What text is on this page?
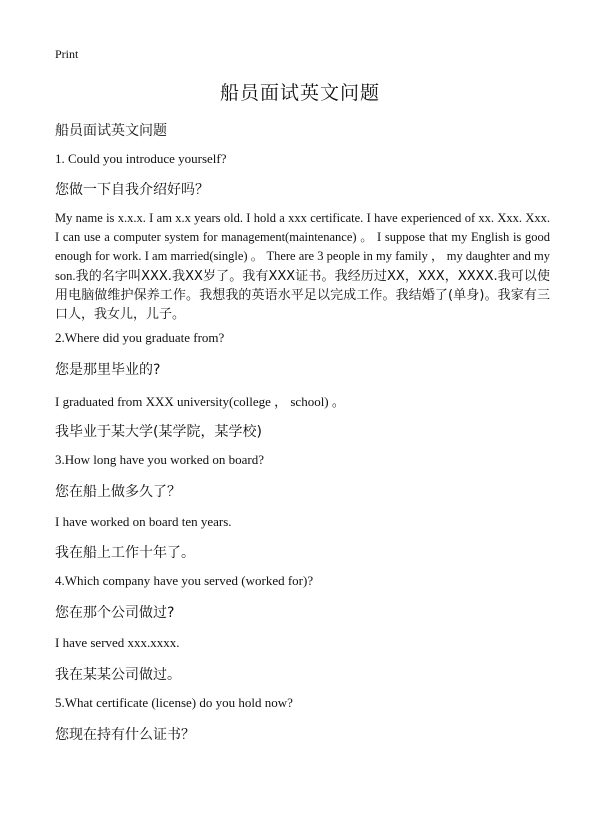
Print
船员面试英文问题
船员面试英文问题
1. Could you introduce yourself?
您做一下自我介绍好吗？
My name is x.x.x. I am x.x years old. I hold a xxx certificate. I have experienced of xx. Xxx. Xxx. I can use a computer system for management(maintenance) 。 I suppose that my English is good enough for work. I am married(single) 。 There are 3 people in my family ， my daughter and my son.我的名字叫XXX.我XX岁了。我有XXX证书。我经历过XX，XXX，XXXX.我可以使用电脑做维护保养工作。我想我的英语水平足以完成工作。我结婚了(单身)。我家有三口人，我女儿，儿子。
2.Where did you graduate from?
您是那里毕业的?
I graduated from XXX university(college ， school) 。
我毕业于某大学(某学院，某学校)
3.How long have you worked on board?
您在船上做多久了？
I have worked on board ten years.
我在船上工作十年了。
4.Which company have you served (worked for)?
您在那个公司做过?
I have served xxx.xxxx.
我在某某公司做过。
5.What certificate (license) do you hold now?
您现在持有什么证书？
